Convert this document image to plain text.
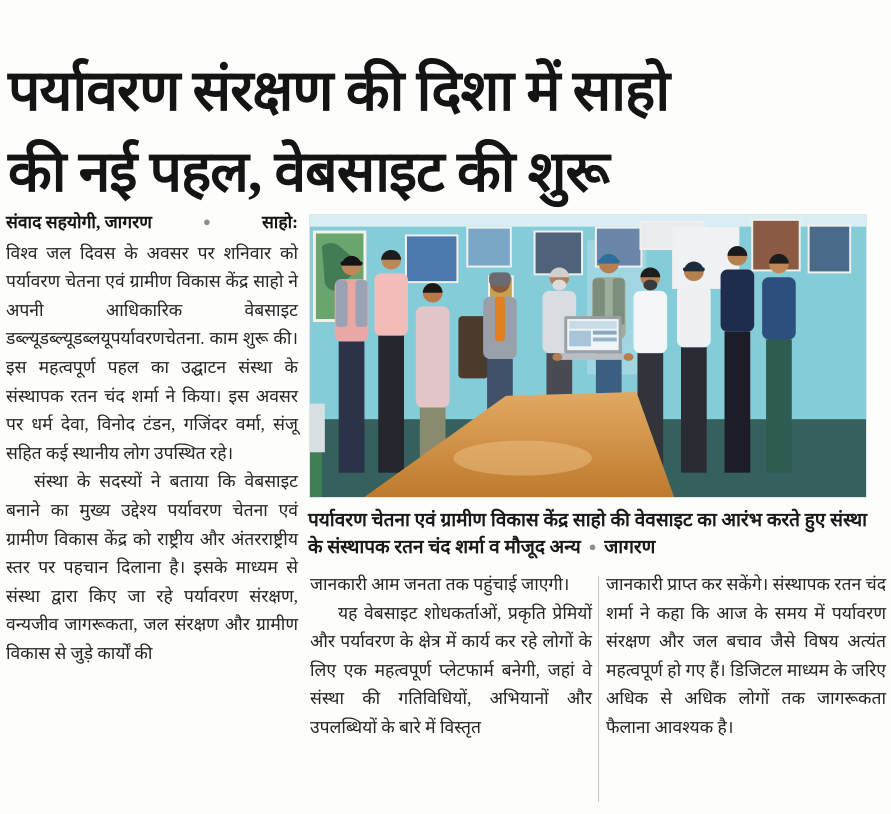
पर्यावरण संरक्षण की दिशा में साहो
की नई पहल, वेबसाइट की शुरू
संवाद सहयोगी, जागरण	●	साहो:

विश्व जल दिवस के अवसर पर शनिवार को पर्यावरण चेतना एवं ग्रामीण विकास केंद्र साहो ने अपनी आधिकारिक वेबसाइट डब्ल्यूडब्ल्यूडब्लयूपर्यावरणचेतना. काम शुरू की। इस महत्वपूर्ण पहल का उद्घाटन संस्था के संस्थापक रतन चंद शर्मा ने किया। इस अवसर पर धर्म देवा, विनोद टंडन, गजिंदर वर्मा, संजू सहित कई स्थानीय लोग उपस्थित रहे।

संस्था के सदस्यों ने बताया कि वेबसाइट बनाने का मुख्य उद्देश्य पर्यावरण चेतना एवं ग्रामीण विकास केंद्र को राष्ट्रीय और अंतरराष्ट्रीय स्तर पर पहचान दिलाना है। इसके माध्यम से संस्था द्वारा किए जा रहे पर्यावरण संरक्षण, वन्यजीव जागरूकता, जल संरक्षण और ग्रामीण विकास से जुड़े कार्यों की

पर्यावरण चेतना एवं ग्रामीण विकास केंद्र साहो की वेवसाइट का आरंभ करते हुए संस्था के संस्थापक रतन चंद शर्मा व मौजूद अन्य ● जागरण

जानकारी आम जनता तक पहुंचाई जाएगी।

यह वेबसाइट शोधकर्ताओं, प्रकृति प्रेमियों और पर्यावरण के क्षेत्र में कार्य कर रहे लोगों के लिए एक महत्वपूर्ण प्लेटफार्म बनेगी, जहां वे संस्था की गतिविधियों, अभियानों और उपलब्धियों के बारे में विस्तृत

जानकारी प्राप्त कर सकेंगे। संस्थापक रतन चंद शर्मा ने कहा कि आज के समय में पर्यावरण संरक्षण और जल बचाव जैसे विषय अत्यंत महत्वपूर्ण हो गए हैं। डिजिटल माध्यम के जरिए अधिक से अधिक लोगों तक जागरूकता फैलाना आवश्यक है।
